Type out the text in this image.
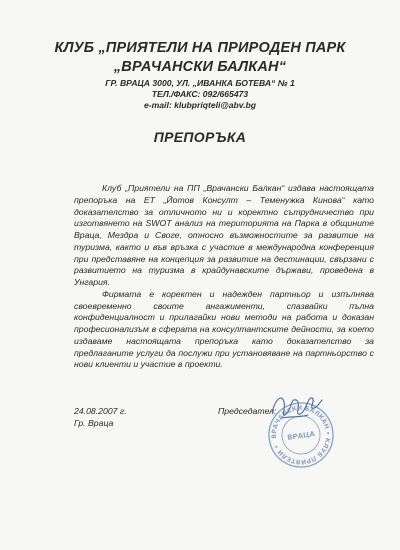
КЛУБ „ПРИЯТЕЛИ НА ПРИРОДЕН ПАРК
„ВРАЧАНСКИ БАЛКАН“
ГР. ВРАЦА 3000, УЛ. „ИВАНКА БОТЕВА“ № 1
ТЕЛ./ФАКС: 092/665473
e-mail: klubpriqteli@abv.bg
ПРЕПОРЪКА

Клуб „Приятели на ПП „Врачански Балкан“ издава настоящата препоръка на ЕТ „Йотов Консулт – Теменужка Кинова“ като доказателство за отличното ни и коректно сътрудничество при изготвянето на SWOT анализ на територията на Парка в общините Враца, Мездра и Своге, относно възможностите за развитие на туризма, както и във връзка с участие в международна конференция при представяне на концепция за развитие на дестинации, свързани с развитието на туризма в крайдунавските държави, проведена в Унгария.

Фирмата е коректен и надежден партньор и изпълнява своевременно своите ангажименти, спазвайки пълна конфиденциалност и прилагайки нови методи на работа и доказан професионализъм в сферата на консултантските дейности, за което издаваме настоящата препоръка като доказателство за предлаганите услуги да послужи при установяване на партньорство с нови клиенти и участие в проекти.

24.08.2007 г.
Гр. Враца
Председател:
ВРАЧАНСКИ БАЛКАН • КЛУБ ПРИЯТЕЛИ •
ВРАЦА
